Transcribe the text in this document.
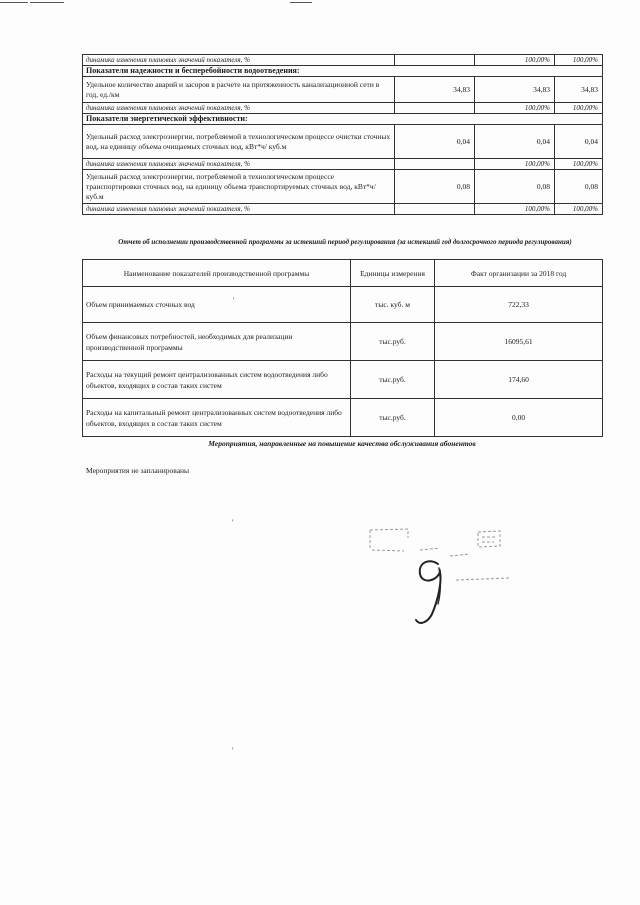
динамика изменения плановых значений показателя, %		100,00%	100,00%
Показатели надежности и бесперебойности водоотведения:			
Удельное количество аварий и засоров в расчете на протяженность канализационной сети в год, ед./км	34,83	34,83	34,83
динамика изменения плановых значений показателя, %		100,00%	100,00%
Показатели энергетической эффективности:			
Удельный расход электроэнергии, потребляемой в технологическом процессе очистки сточных вод, на единицу объема очищаемых сточных вод, кВт*ч/ куб.м	0,04	0,04	0,04
динамика изменения плановых значений показателя, %		100,00%	100,00%
Удельный расход электроэнергии, потребляемой в технологическом процессе транспортировки сточных вод, на единицу объема транспортируемых сточных вод, кВт*ч/ куб.м	0,08	0,08	0,08
динамика изменения плановых значений показателя, %		100,00%	100,00%
Отчет об исполнении производственной программы за истекший период регулирования (за истекший год долгосрочного периода регулирования)
Наименование показателей производственной программы	Единицы измерения	Факт организации за 2018 год
Объем принимаемых сточных вод	тыс. куб. м	722,33
Объем финансовых потребностей, необходимых для реализации производственной программы	тыс.руб.	16095,61
Расходы на текущий ремонт централизованных систем водоотведения либо объектов, входящих в состав таких систем	тыс.руб.	174,60
Расходы на капитальный ремонт централизованных систем водоотведения либо объектов, входящих в состав таких систем	тыс.руб.	0,00
Мероприятия, направленные на повышение качества обслуживания абонентов
Мероприятия не запланированы
'
'
'
